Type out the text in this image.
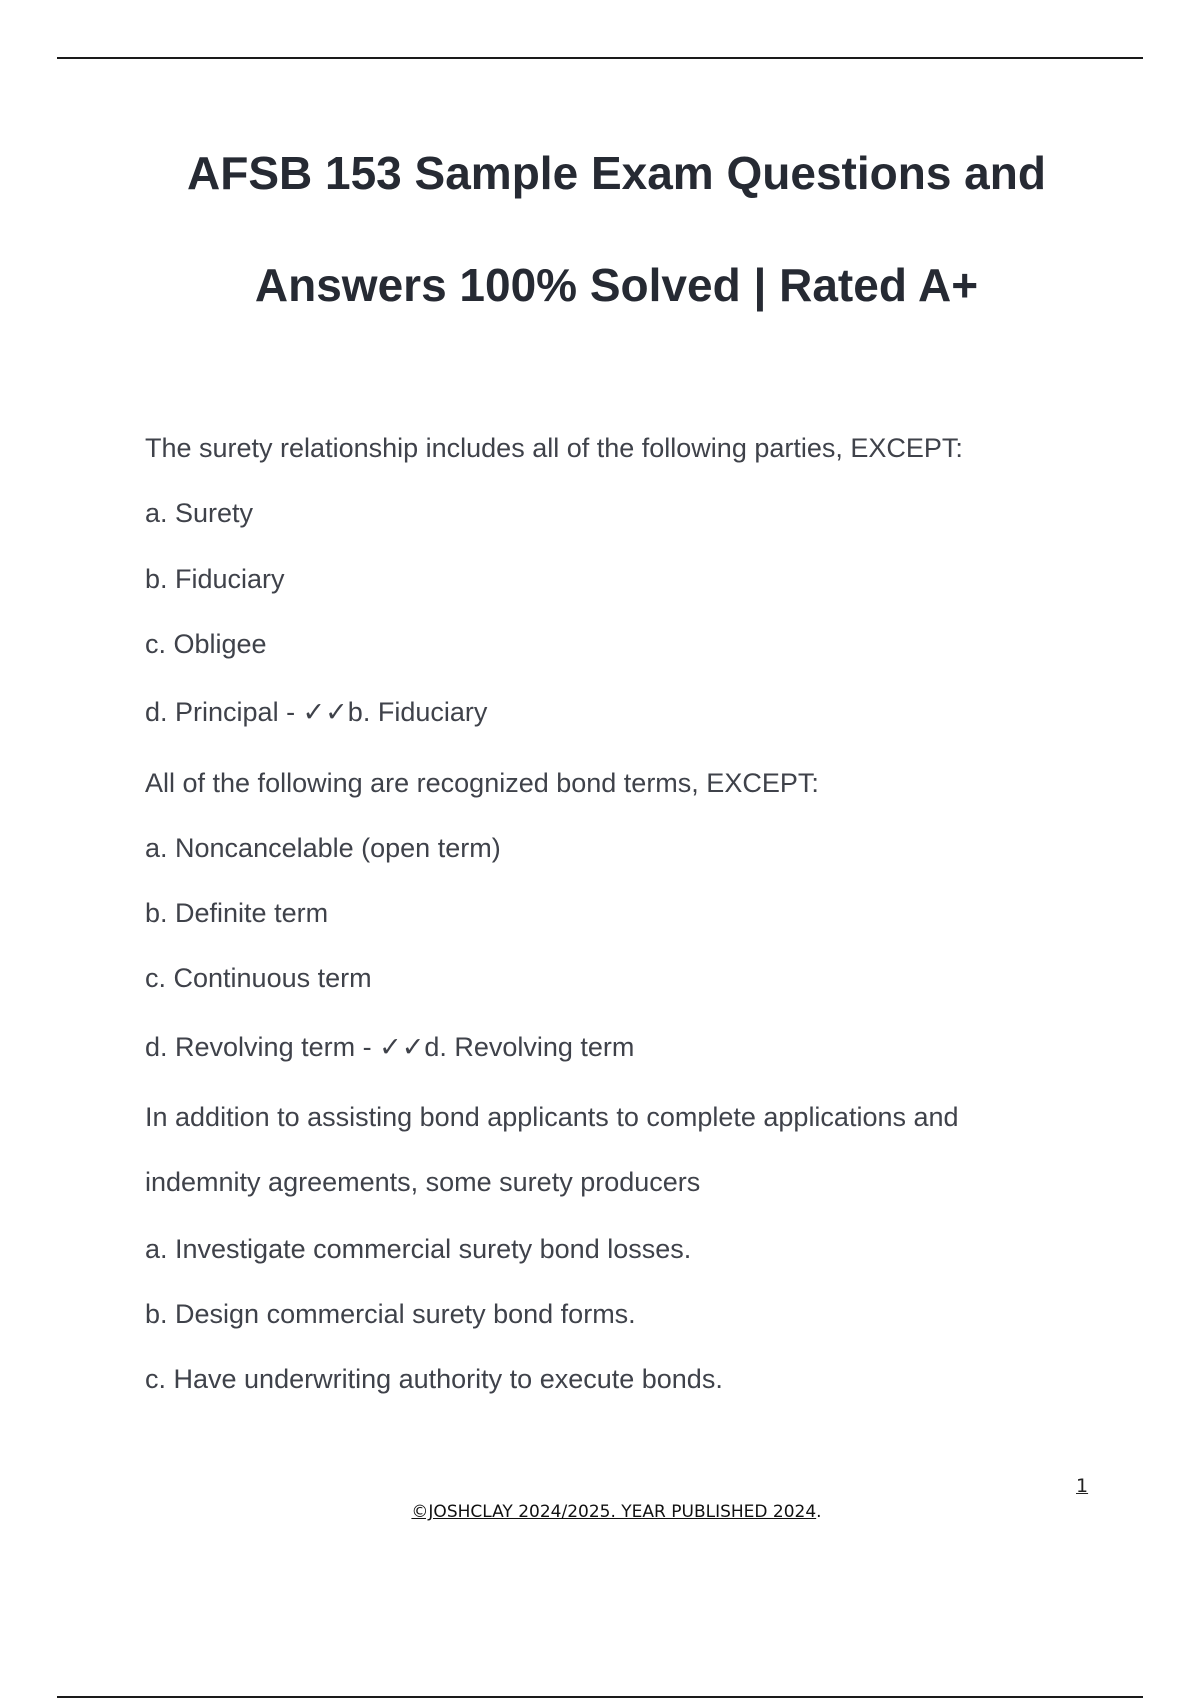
AFSB 153 Sample Exam Questions and
Answers 100% Solved | Rated A+

The surety relationship includes all of the following parties, EXCEPT:

a. Surety

b. Fiduciary

c. Obligee

d. Principal - ✓✓b. Fiduciary

All of the following are recognized bond terms, EXCEPT:

a. Noncancelable (open term)

b. Definite term

c. Continuous term

d. Revolving term - ✓✓d. Revolving term

In addition to assisting bond applicants to complete applications and

indemnity agreements, some surety producers

a. Investigate commercial surety bond losses.

b. Design commercial surety bond forms.

c. Have underwriting authority to execute bonds.

1
©JOSHCLAY 2024/2025. YEAR PUBLISHED 2024.
